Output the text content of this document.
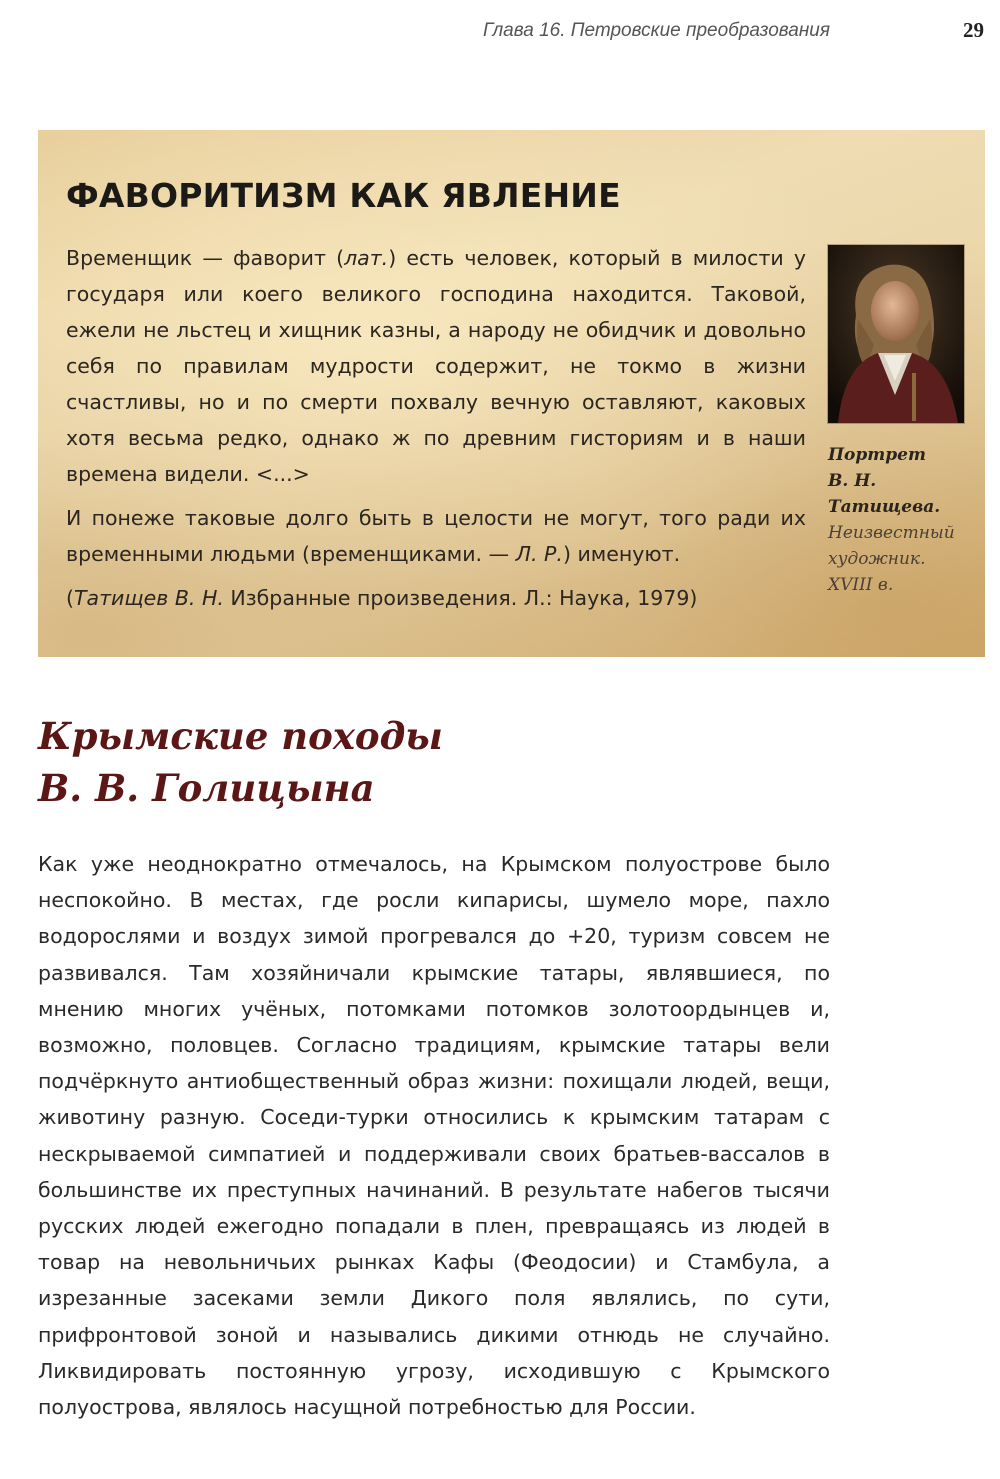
Глава 16. Петровские преобразования	29
ФАВОРИТИЗМ КАК ЯВЛЕНИЕ

Временщик — фаворит (лат.) есть человек, который в милости у государя или коего великого господина находится. Таковой, ежели не льстец и хищник казны, а народу не обидчик и довольно себя по правилам мудрости содержит, не токмо в жизни счастливы, но и по смерти похвалу вечную оставляют, каковых хотя весьма редко, однако ж по древним гисториям и в наши времена видели. <...>

И понеже таковые долго быть в целости не могут, того ради их временными людьми (временщиками. — Л. Р.) именуют.

(Татищев В. Н. Избранные произведения. Л.: Наука, 1979)

Портрет
В. Н. Татищева.
Неизвестный
художник.
XVIII в.
Крымские походы
В. В. Голицына

Как уже неоднократно отмечалось, на Крымском полуострове было неспокойно. В местах, где росли кипарисы, шумело море, пахло водорослями и воздух зимой прогревался до +20, туризм совсем не развивался. Там хозяйничали крымские татары, являвшиеся, по мнению многих учёных, потомками потомков золотоордынцев и, возможно, половцев. Согласно традициям, крымские татары вели подчёркнуто антиобщественный образ жизни: похищали людей, вещи, животину разную. Соседи-турки относились к крымским татарам с нескрываемой симпатией и поддерживали своих братьев-вассалов в большинстве их преступных начинаний. В результате набегов тысячи русских людей ежегодно попадали в плен, превращаясь из людей в товар на невольничьих рынках Кафы (Феодосии) и Стамбула, а изрезанные засеками земли Дикого поля являлись, по сути, прифронтовой зоной и назывались дикими отнюдь не случайно. Ликвидировать постоянную угрозу, исходившую с Крымского полуострова, являлось насущной потребностью для России.
